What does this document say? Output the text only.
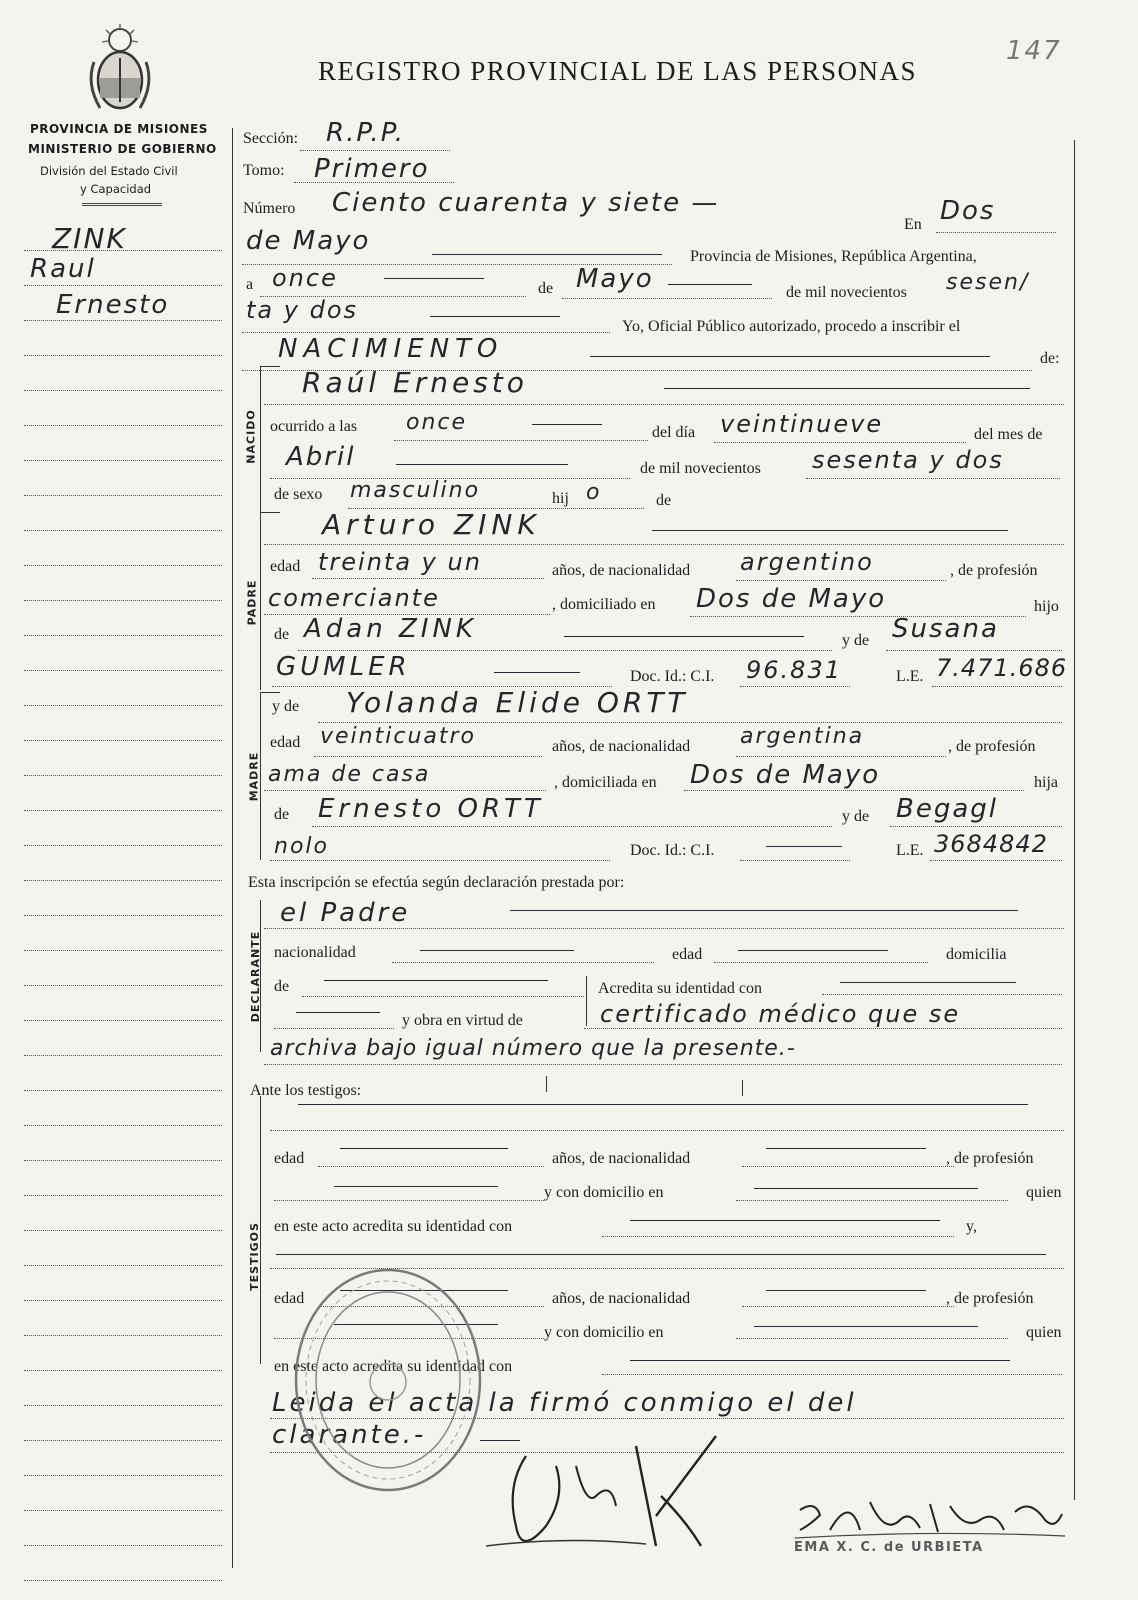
REGISTRO PROVINCIAL DE LAS PERSONAS
147
PROVINCIA DE MISIONES
MINISTERIO DE GOBIERNO
División del Estado Civil
y Capacidad
ZINK
Raul
Ernesto
NACIDO
PADRE
MADRE
DECLARANTE
TESTIGOS
Sección: R.P.P.
Tomo: Primero
Número Ciento cuarenta y siete —
En Dos
de Mayo
Provincia de Misiones, República Argentina,
a once	de Mayo	de mil novecientos sesen/
ta y dos
Yo, Oficial Público autorizado, procedo a inscribir el
NACIMIENTO	de:
Raúl Ernesto
ocurrido a las once	del día veintinueve	del mes de
Abril	de mil novecientos sesenta y dos
de sexo masculino	hij o	de
Arturo ZINK
edad treinta y un	años, de nacionalidad argentino	, de profesión
comerciante	, domiciliado en Dos de Mayo	hijo
de Adan ZINK	y de Susana
GUMLER	Doc. Id.: C.I. 96.831	L.E. 7.471.686
y de Yolanda Elide ORTT
edad veinticuatro	años, de nacionalidad argentina	, de profesión
ama de casa	, domiciliada en Dos de Mayo	hija
de Ernesto ORTT	y de Begagl
nolo	Doc. Id.: C.I.	L.E. 3684842
Esta inscripción se efectúa según declaración prestada por:
el Padre
nacionalidad	edad	domicilia
de	Acredita su identidad con
y obra en virtud de	certificado médico que se
archiva bajo igual número que la presente.-
Ante los testigos:
edad	años, de nacionalidad	, de profesión
y con domicilio en	quien
en este acto acredita su identidad con	y,
edad	años, de nacionalidad	, de profesión
y con domicilio en	quien
en este acto acredita su identidad con
Leida el acta la firmó conmigo el del
clarante.-
EMA X. C. de URBIETA
